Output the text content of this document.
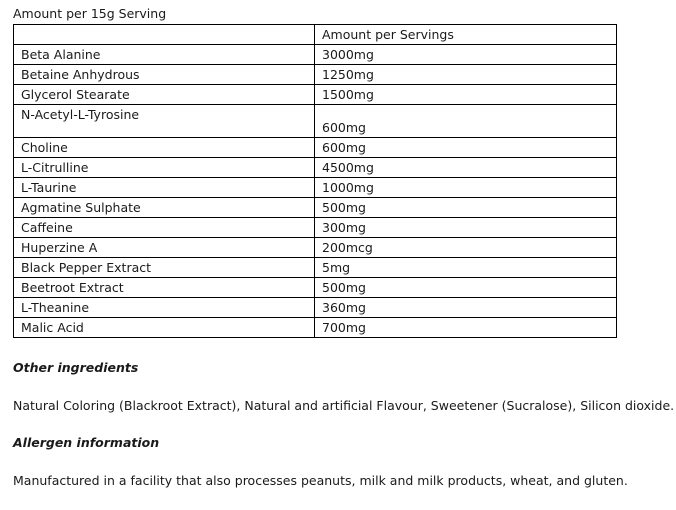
Amount per 15g Serving
	Amount per Servings
Beta Alanine	3000mg
Betaine Anhydrous	1250mg
Glycerol Stearate	1500mg
N-Acetyl-L-Tyrosine	600mg
Choline	600mg
L-Citrulline	4500mg
L-Taurine	1000mg
Agmatine Sulphate	500mg
Caffeine	300mg
Huperzine A	200mcg
Black Pepper Extract	5mg
Beetroot Extract	500mg
L-Theanine	360mg
Malic Acid	700mg
Other ingredients
Natural Coloring (Blackroot Extract), Natural and artificial Flavour, Sweetener (Sucralose), Silicon dioxide.
Allergen information
Manufactured in a facility that also processes peanuts, milk and milk products, wheat, and gluten.
